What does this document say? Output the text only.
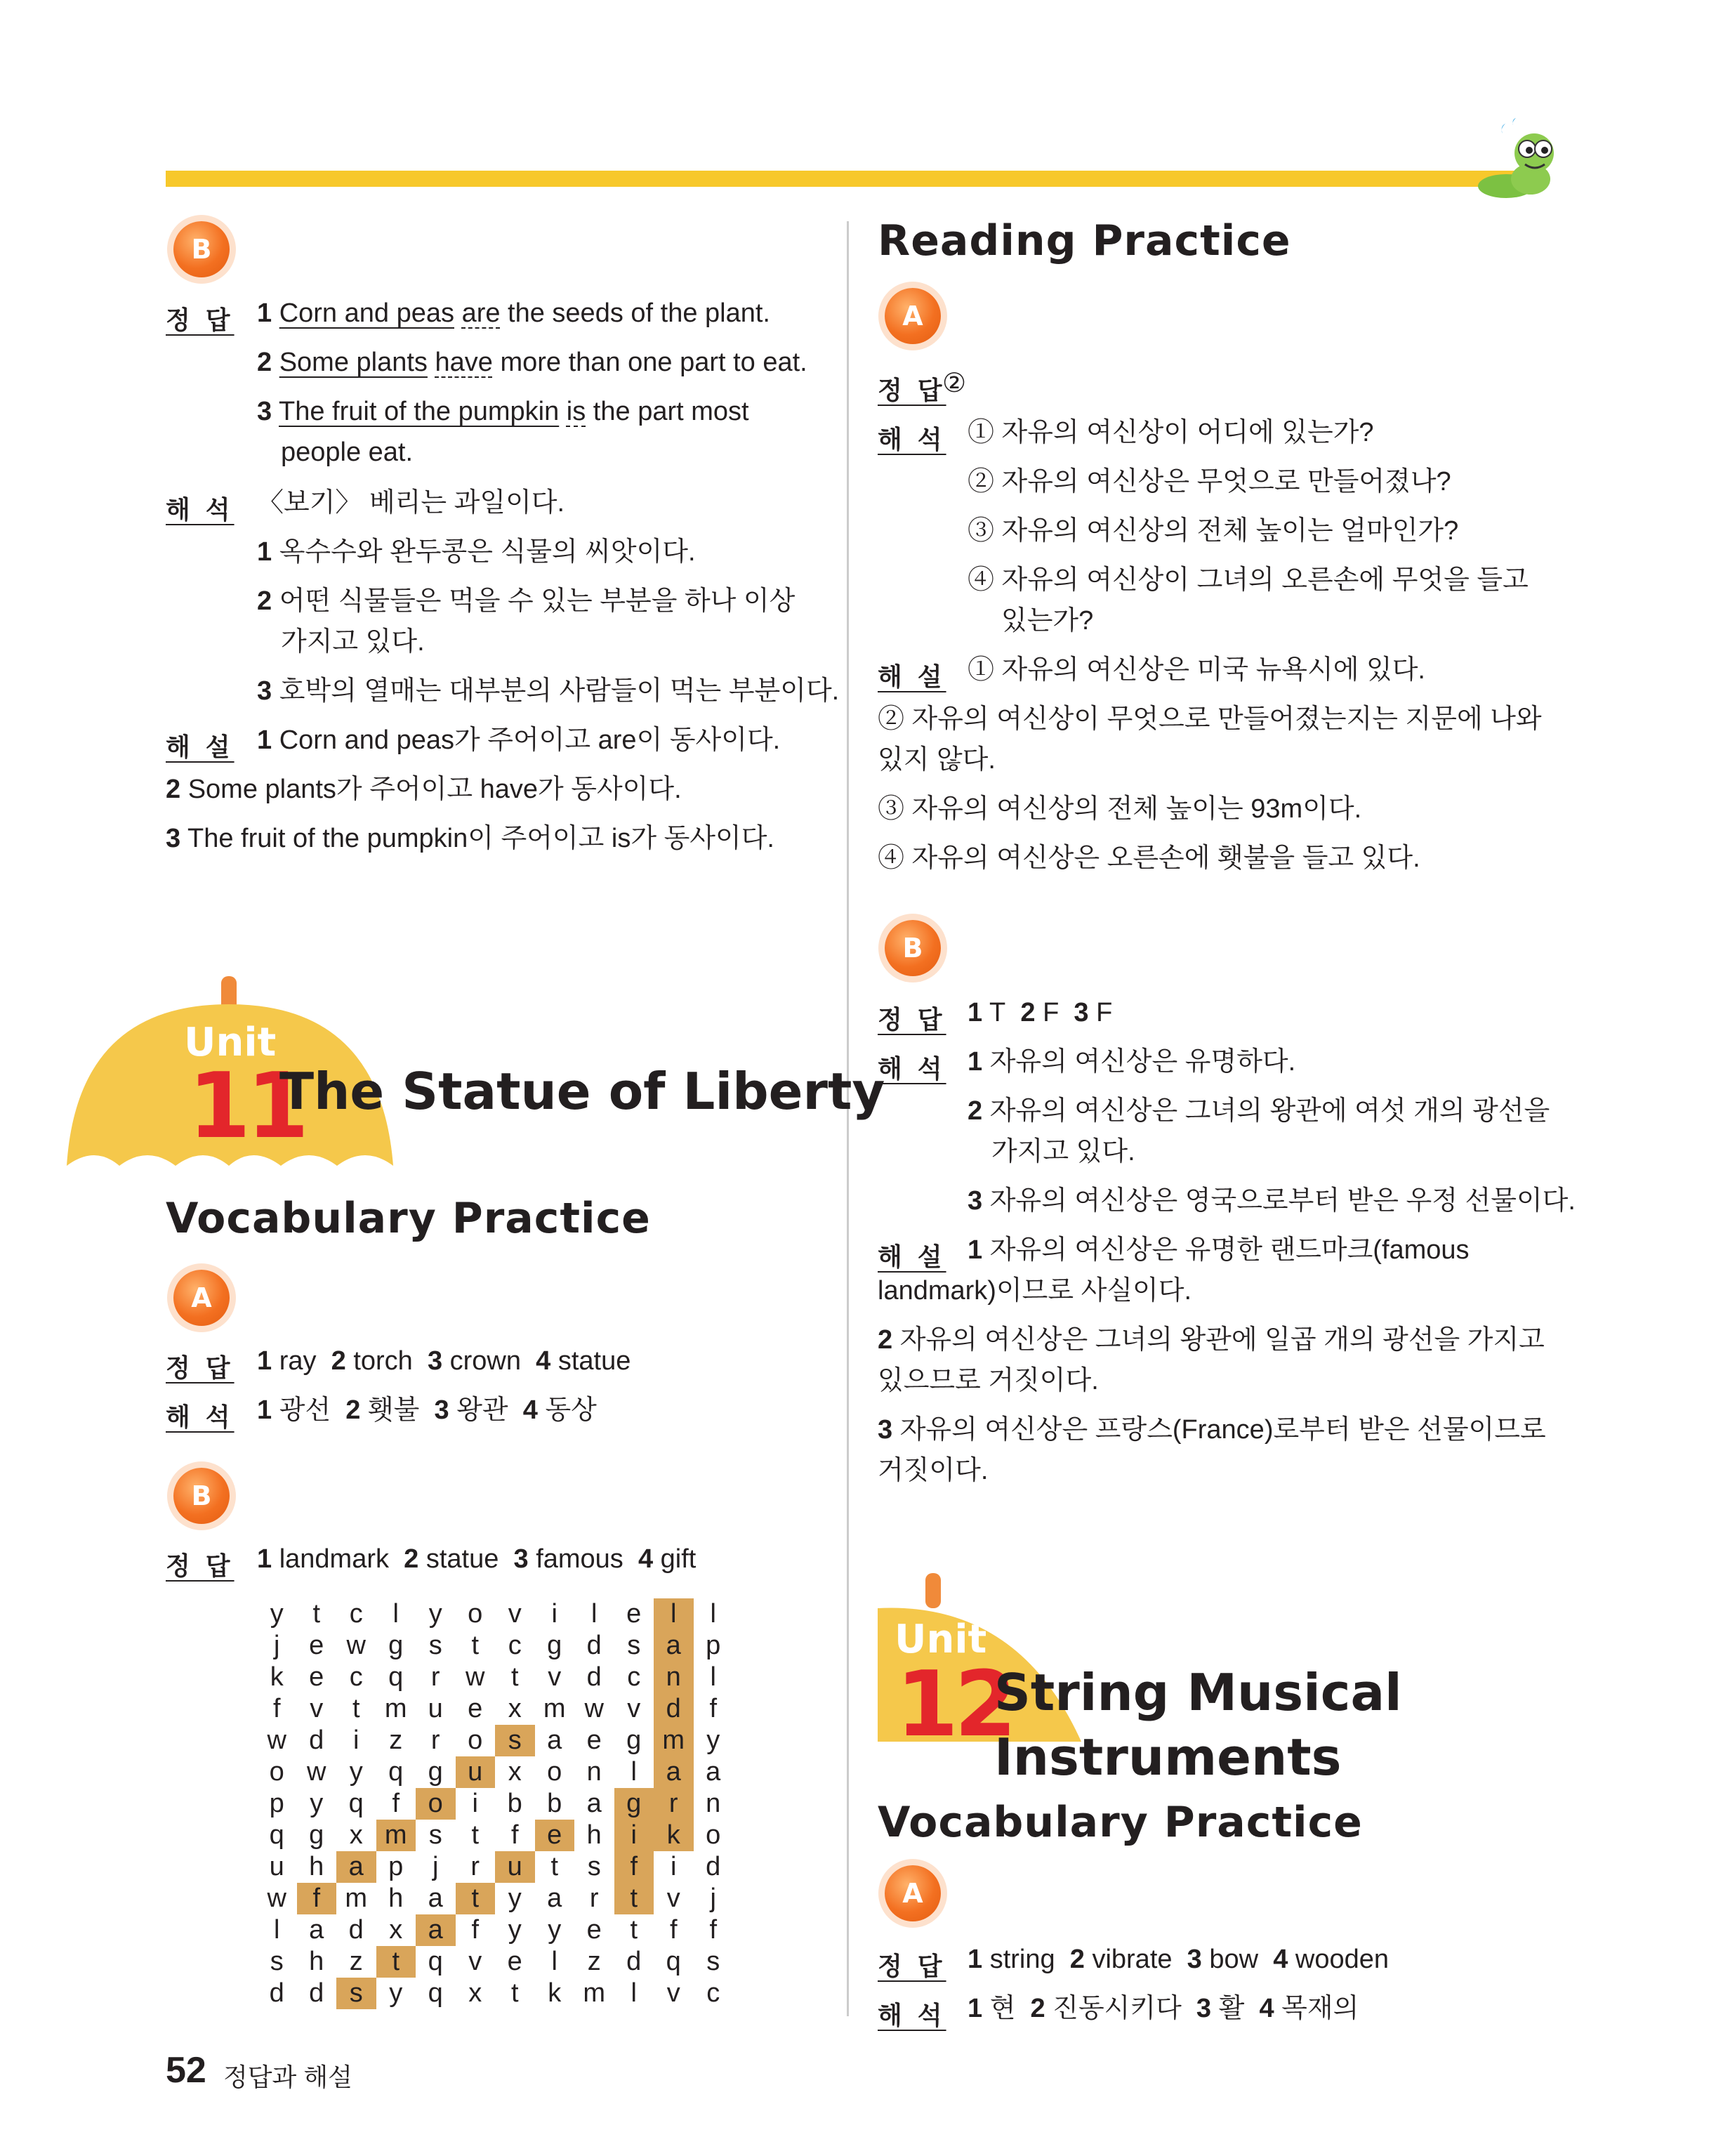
B
정 답 1 Corn and peas are the seeds of the plant.
2 Some plants have more than one part to eat.
3 The fruit of the pumpkin is the part most
people eat.
해 석 〈보기〉 베리는 과일이다.
1 옥수수와 완두콩은 식물의 씨앗이다.
2 어떤 식물들은 먹을 수 있는 부분을 하나 이상
가지고 있다.
3 호박의 열매는 대부분의 사람들이 먹는 부분이다.
해 설 1 Corn and peas가 주어이고 are이 동사이다.
2 Some plants가 주어이고 have가 동사이다.
3 The fruit of the pumpkin이 주어이고 is가 동사이다.
Unit
11
The Statue of Liberty
Vocabulary Practice
A
정 답 1 ray 2 torch 3 crown 4 statue
해 석 1 광선 2 횃불 3 왕관 4 동상
B
정 답 1 landmark 2 statue 3 famous 4 gift
y	t	c	l	y	o	v	i	l	e	l	l
j	e	w	g	s	t	c	g	d	s	a	p
k	e	c	q	r	w	t	v	d	c	n	l
f	v	t	m	u	e	x	m	w	v	d	f
w	d	i	z	r	o	s	a	e	g	m	y
o	w	y	q	g	u	x	o	n	l	a	a
p	y	q	f	o	i	b	b	a	g	r	n
q	g	x	m	s	t	f	e	h	i	k	o
u	h	a	p	j	r	u	t	s	f	i	d
w	f	m	h	a	t	y	a	r	t	v	j
l	a	d	x	a	f	y	y	e	t	f	f
s	h	z	t	q	v	e	l	z	d	q	s
d	d	s	y	q	x	t	k	m	l	v	c
52 정답과 해설
Reading Practice
A
정 답
②
해 석 ① 자유의 여신상이 어디에 있는가?
② 자유의 여신상은 무엇으로 만들어졌나?
③ 자유의 여신상의 전체 높이는 얼마인가?
④ 자유의 여신상이 그녀의 오른손에 무엇을 들고
있는가?
해 설 ① 자유의 여신상은 미국 뉴욕시에 있다.
② 자유의 여신상이 무엇으로 만들어졌는지는 지문에 나와
있지 않다.
③ 자유의 여신상의 전체 높이는 93m이다.
④ 자유의 여신상은 오른손에 횃불을 들고 있다.
B
정 답 1 T 2 F 3 F
해 석 1 자유의 여신상은 유명하다.
2 자유의 여신상은 그녀의 왕관에 여섯 개의 광선을
가지고 있다.
3 자유의 여신상은 영국으로부터 받은 우정 선물이다.
해 설 1 자유의 여신상은 유명한 랜드마크(famous
landmark)이므로 사실이다.
2 자유의 여신상은 그녀의 왕관에 일곱 개의 광선을 가지고
있으므로 거짓이다.
3 자유의 여신상은 프랑스(France)로부터 받은 선물이므로
거짓이다.
Unit
12
String Musical
Instruments
Vocabulary Practice
A
정 답 1 string 2 vibrate 3 bow 4 wooden
해 석 1 현 2 진동시키다 3 활 4 목재의
